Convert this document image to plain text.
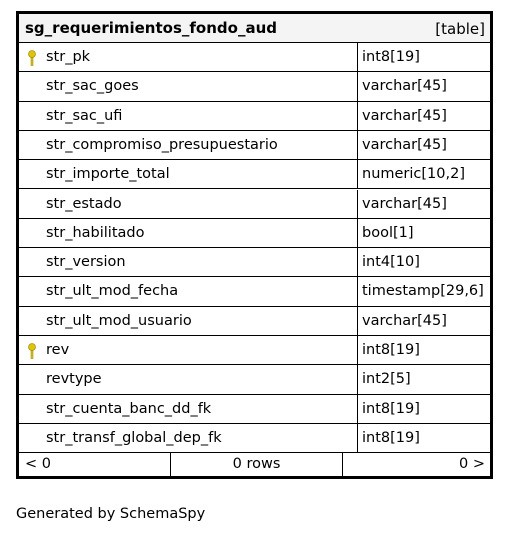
sg_requerimientos_fondo_aud	[table]
str_pk	int8[19]
str_sac_goes	varchar[45]
str_sac_ufi	varchar[45]
str_compromiso_presupuestario	varchar[45]
str_importe_total	numeric[10,2]
str_estado	varchar[45]
str_habilitado	bool[1]
str_version	int4[10]
str_ult_mod_fecha	timestamp[29,6]
str_ult_mod_usuario	varchar[45]
rev	int8[19]
revtype	int2[5]
str_cuenta_banc_dd_fk	int8[19]
str_transf_global_dep_fk	int8[19]
< 0	0 rows	0 >
Generated by SchemaSpy
